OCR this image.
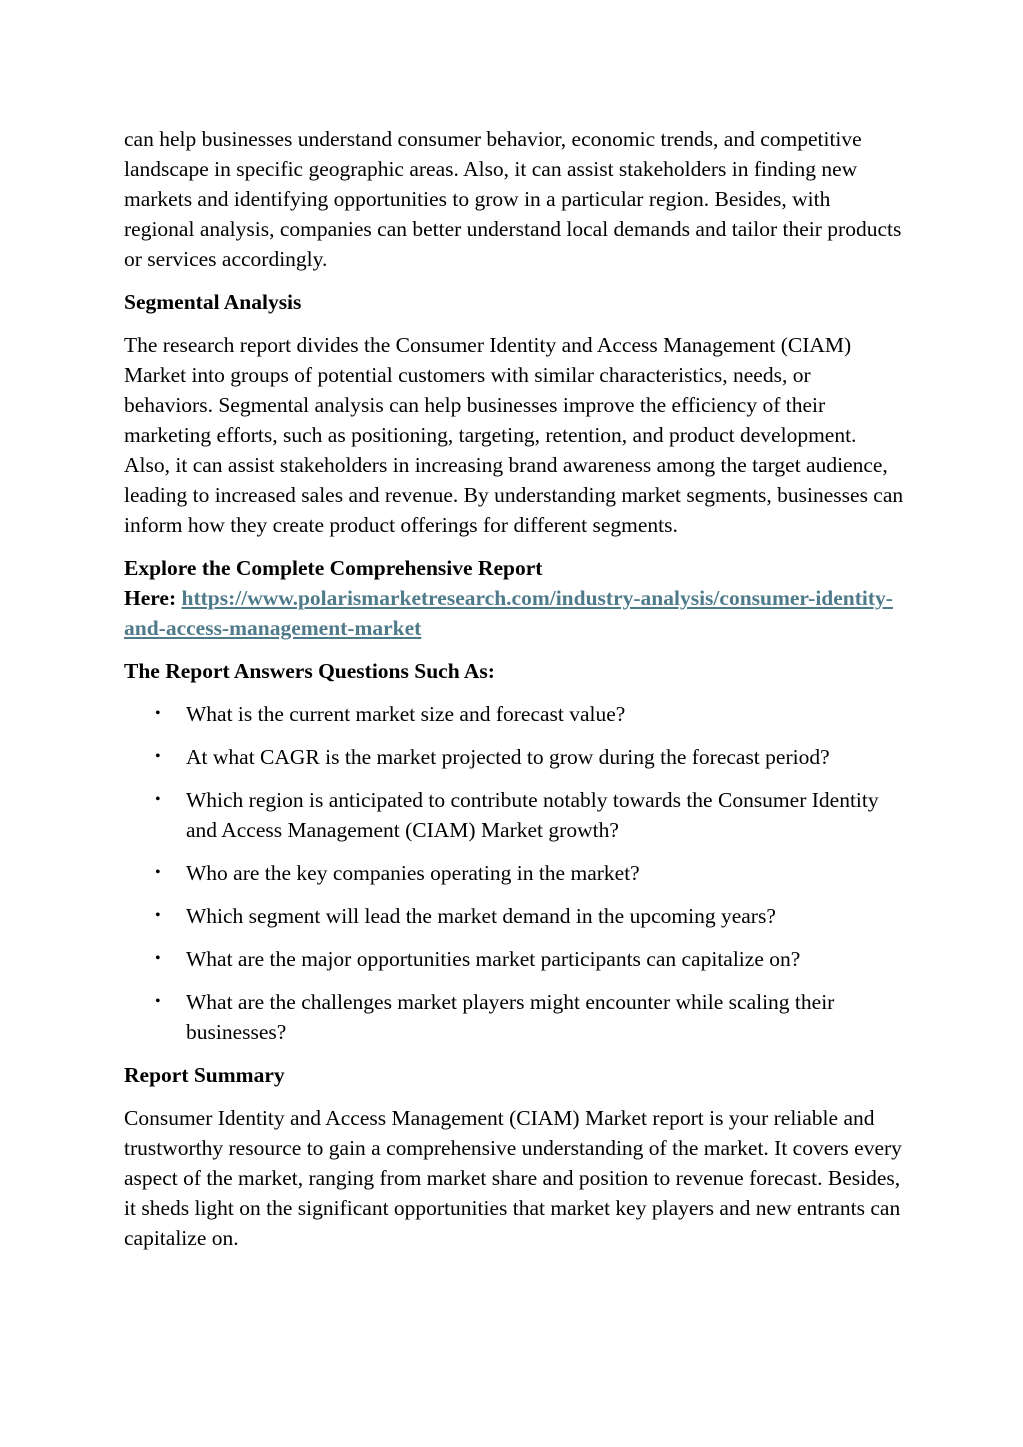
can help businesses understand consumer behavior, economic trends, and competitive landscape in specific geographic areas. Also, it can assist stakeholders in finding new markets and identifying opportunities to grow in a particular region. Besides, with regional analysis, companies can better understand local demands and tailor their products or services accordingly.

Segmental Analysis

The research report divides the Consumer Identity and Access Management (CIAM) Market into groups of potential customers with similar characteristics, needs, or behaviors. Segmental analysis can help businesses improve the efficiency of their marketing efforts, such as positioning, targeting, retention, and product development. Also, it can assist stakeholders in increasing brand awareness among the target audience, leading to increased sales and revenue. By understanding market segments, businesses can inform how they create product offerings for different segments.

Explore the Complete Comprehensive Report
Here: https://www.polarismarketresearch.com/industry-analysis/consumer-identity-and-access-management-market
The Report Answers Questions Such As:
• What is the current market size and forecast value?
• At what CAGR is the market projected to grow during the forecast period?
• Which region is anticipated to contribute notably towards the Consumer Identity and Access Management (CIAM) Market growth?
• Who are the key companies operating in the market?
• Which segment will lead the market demand in the upcoming years?
• What are the major opportunities market participants can capitalize on?
• What are the challenges market players might encounter while scaling their businesses?
Report Summary

Consumer Identity and Access Management (CIAM) Market report is your reliable and trustworthy resource to gain a comprehensive understanding of the market. It covers every aspect of the market, ranging from market share and position to revenue forecast. Besides, it sheds light on the significant opportunities that market key players and new entrants can capitalize on.
